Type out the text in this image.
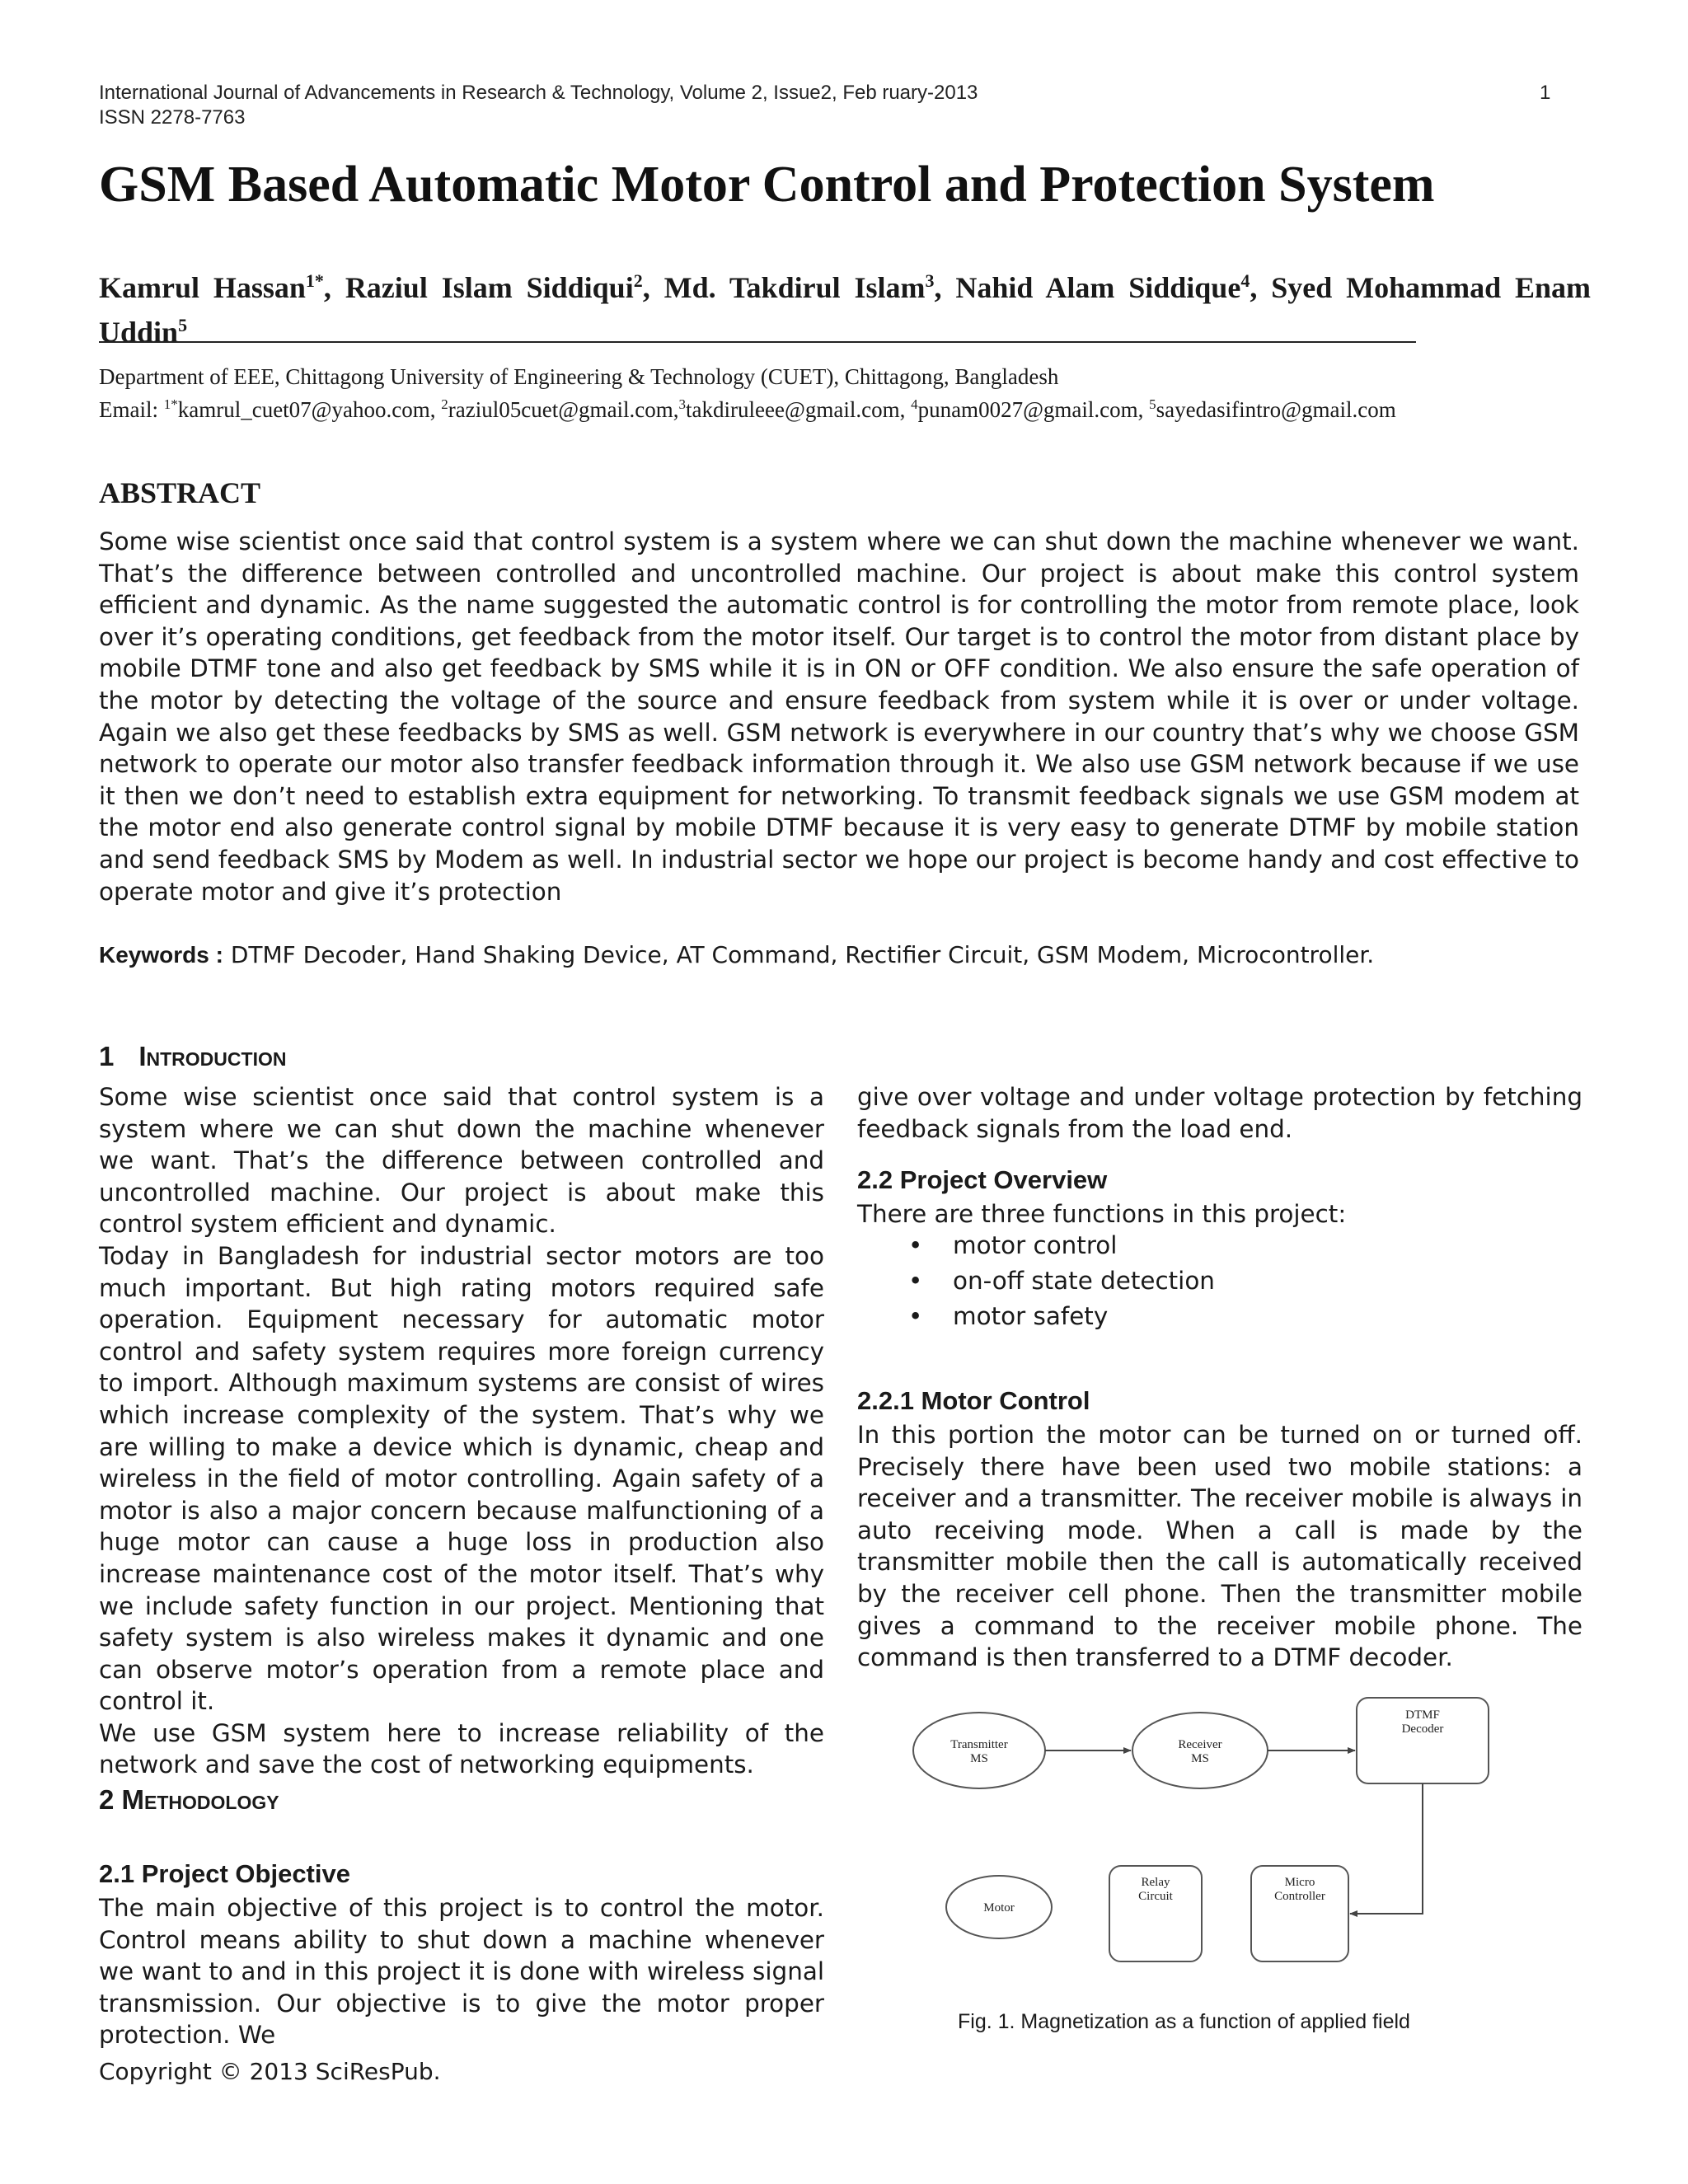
International Journal of Advancements in Research & Technology, Volume 2, Issue2, Feb ruary-2013	1
ISSN 2278-7763
GSM Based Automatic Motor Control and Protection System
Kamrul Hassan$^{1*}$, Raziul Islam Siddiqui$^2$, Md. Takdirul Islam$^3$, Nahid Alam Siddique$^4$, Syed Mohammad Enam Uddin$^5$
Department of EEE, Chittagong University of Engineering & Technology (CUET), Chittagong, Bangladesh
Email: $^{1*}$kamrul_cuet07@yahoo.com, $^2$raziul05cuet@gmail.com,$^3$takdiruleee@gmail.com, $^4$punam0027@gmail.com, $^5$sayedasifintro@gmail.com
ABSTRACT
Some wise scientist once said that control system is a system where we can shut down the machine whenever we want. That’s the difference between controlled and uncontrolled machine. Our project is about make this control system efficient and dynamic. As the name suggested the automatic control is for controlling the motor from remote place, look over it’s operating conditions, get feedback from the motor itself. Our target is to control the motor from distant place by mobile DTMF tone and also get feedback by SMS while it is in ON or OFF condition. We also ensure the safe operation of the motor by detecting the voltage of the source and ensure feedback from system while it is over or under voltage. Again we also get these feedbacks by SMS as well. GSM network is everywhere in our country that’s why we choose GSM network to operate our motor also transfer feedback information through it. We also use GSM network because if we use it then we don’t need to establish extra equipment for networking. To transmit feedback signals we use GSM modem at the motor end also generate control signal by mobile DTMF because it is very easy to generate DTMF by mobile station and send feedback SMS by Modem as well. In industrial sector we hope our project is become handy and cost effective to operate motor and give it’s protection
Keywords : DTMF Decoder, Hand Shaking Device, AT Command, Rectifier Circuit, GSM Modem, Microcontroller.
1 Introduction

Some wise scientist once said that control system is a system where we can shut down the machine whenever we want. That’s the difference between controlled and uncontrolled machine. Our project is about make this control system efficient and dynamic.

Today in Bangladesh for industrial sector motors are too much important. But high rating motors required safe operation. Equipment necessary for automatic motor control and safety system requires more foreign currency to import. Although maximum systems are consist of wires which increase complexity of the system. That’s why we are willing to make a device which is dynamic, cheap and wireless in the field of motor controlling. Again safety of a motor is also a major concern because malfunctioning of a huge motor can cause a huge loss in production also increase maintenance cost of the motor itself. That’s why we include safety function in our project. Mentioning that safety system is also wireless makes it dynamic and one can observe motor’s operation from a remote place and control it.

We use GSM system here to increase reliability of the network and save the cost of networking equipments.

2 Methodology
2.1 Project Objective
The main objective of this project is to control the motor. Control means ability to shut down a machine whenever we want to and in this project it is done with wireless signal transmission. Our objective is to give the motor proper protection. We
give over voltage and under voltage protection by fetching feedback signals from the load end.
2.2 Project Overview
There are three functions in this project:
• motor control
• on-off state detection
• motor safety
2.2.1 Motor Control
In this portion the motor can be turned on or turned off. Precisely there have been used two mobile stations: a receiver and a transmitter. The receiver mobile is always in auto receiving mode. When a call is made by the transmitter mobile then the call is automatically received by the receiver cell phone. Then the transmitter mobile gives a command to the receiver mobile phone. The command is then transferred to a DTMF decoder.
Transmitter
MS
Receiver
MS
DTMF
Decoder
Micro
Controller
Relay
Circuit
Motor
Fig. 1. Magnetization as a function of applied field
Copyright © 2013 SciResPub.
